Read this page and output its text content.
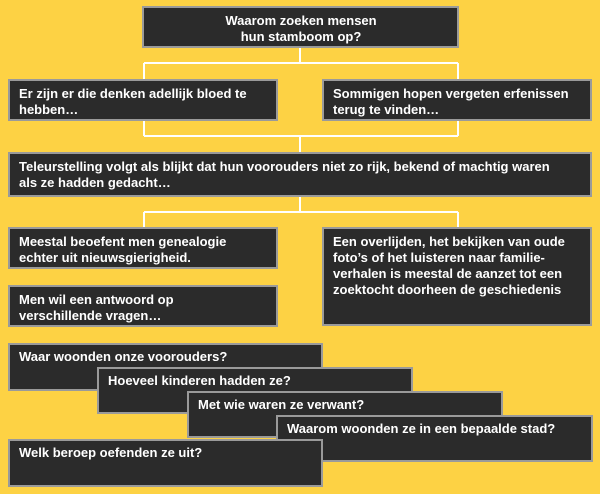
Waarom zoeken mensen
hun stamboom op?
Er zijn er die denken adellijk bloed te
hebben…
Sommigen hopen vergeten erfenissen
terug te vinden…
Teleurstelling volgt als blijkt dat hun voorouders niet zo rijk, bekend of machtig waren
als ze hadden gedacht…
Meestal beoefent men genealogie
echter uit nieuwsgierigheid.
Een overlijden, het bekijken van oude
foto’s of het luisteren naar familie-
verhalen is meestal de aanzet tot een
zoektocht doorheen de geschiedenis
Men wil een antwoord op
verschillende vragen…
Waar woonden onze voorouders?
Hoeveel kinderen hadden ze?
Met wie waren ze verwant?
Waarom woonden ze in een bepaalde stad?
Welk beroep oefenden ze uit?
